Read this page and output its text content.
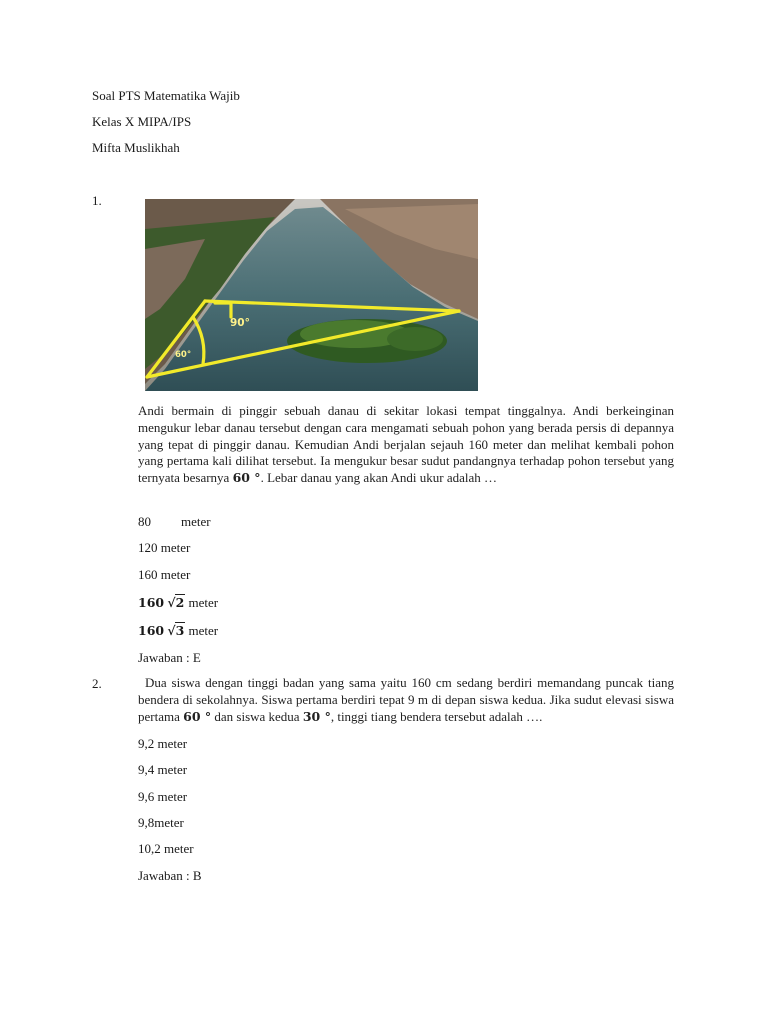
Soal PTS Matematika Wajib
Kelas X MIPA/IPS
Mifta Muslikhah
1.
90°
60°
Andi bermain di pinggir sebuah danau di sekitar lokasi tempat tinggalnya. Andi berkeinginan mengukur lebar danau tersebut dengan cara mengamati sebuah pohon yang berada persis di depannya yang tepat di pinggir danau. Kemudian Andi berjalan sejauh 160 meter dan melihat kembali pohon yang pertama kali dilihat tersebut. Ia mengukur besar sudut pandangnya terhadap pohon tersebut yang ternyata besarnya 60 °. Lebar danau yang akan Andi ukur adalah …
80 meter
120 meter
160 meter
160 √2 meter
160 √3 meter
Jawaban : E
2.	Dua siswa dengan tinggi badan yang sama yaitu 160 cm sedang berdiri memandang puncak tiang bendera di sekolahnya. Siswa pertama berdiri tepat 9 m di depan siswa kedua. Jika sudut elevasi siswa pertama 60 ° dan siswa kedua 30 °, tinggi tiang bendera tersebut adalah ….
9,2 meter
9,4 meter
9,6 meter
9,8meter
10,2 meter
Jawaban : B
